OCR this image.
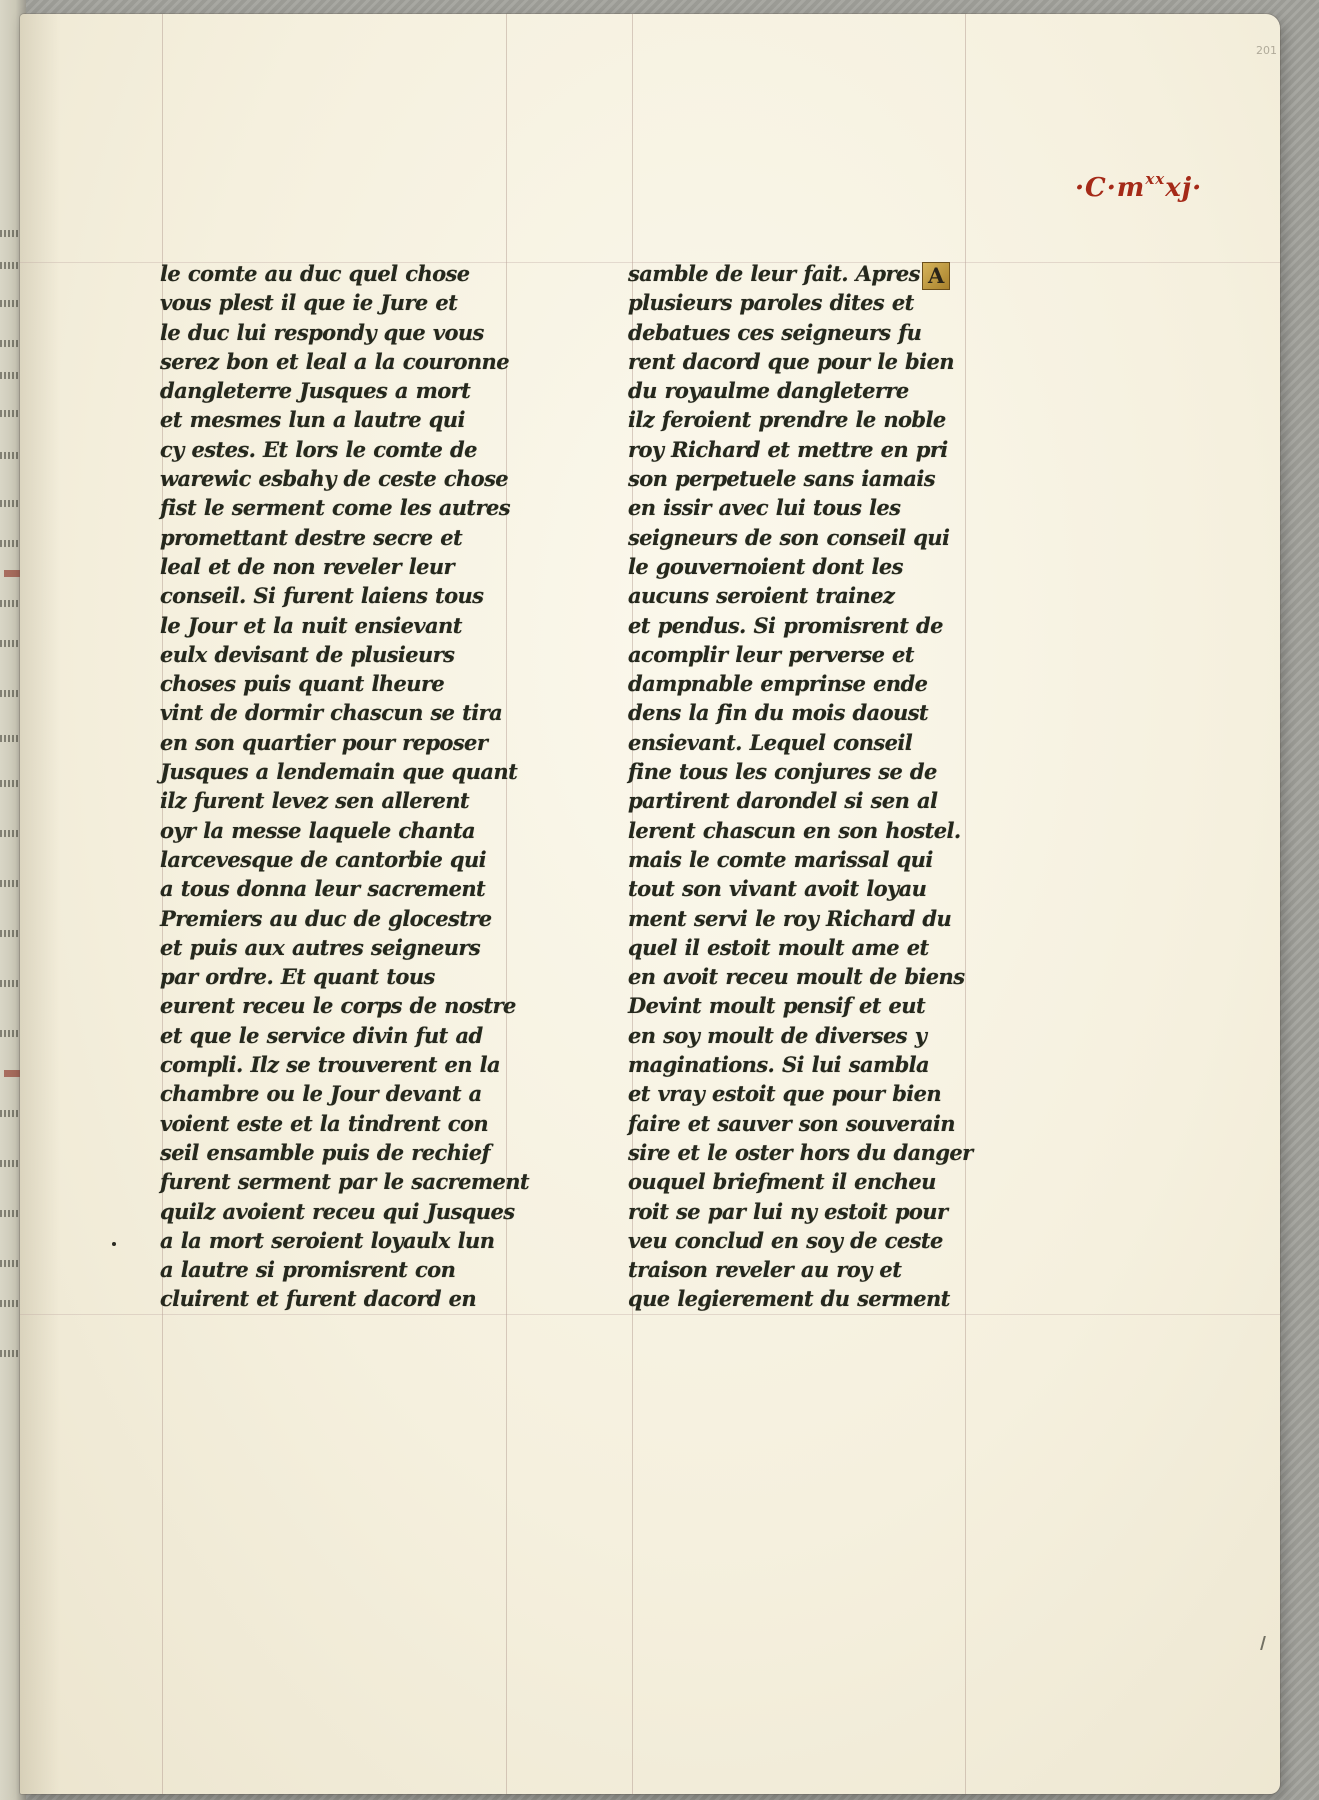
201
$\cdot C\cdot m^{xx}xj\cdot$
le comte au duc quel chose
vous plest il que ie Jure et
le duc lui respondy que vous
serez bon et leal a la couronne
dangleterre Jusques a mort
et mesmes lun a lautre qui
cy estes. Et lors le comte de
warewic esbahy de ceste chose
fist le serment come les autres
promettant destre secre et
leal et de non reveler leur
conseil. Si furent laiens tous
le Jour et la nuit ensievant
eulx devisant de plusieurs
choses puis quant lheure
vint de dormir chascun se tira
en son quartier pour reposer
Jusques a lendemain que quant
ilz furent levez sen allerent
oyr la messe laquele chanta
larcevesque de cantorbie qui
a tous donna leur sacrement
Premiers au duc de glocestre
et puis aux autres seigneurs
par ordre. Et quant tous
eurent receu le corps de nostre
et que le service divin fut ad
compli. Ilz se trouverent en la
chambre ou le Jour devant a
voient este et la tindrent con
seil ensamble puis de rechief
furent serment par le sacrement
quilz avoient receu qui Jusques
a la mort seroient loyaulx lun
a lautre si promisrent con
cluirent et furent dacord en
samble de leur fait. Apres A
plusieurs paroles dites et
debatues ces seigneurs fu
rent dacord que pour le bien
du royaulme dangleterre
ilz feroient prendre le noble
roy Richard et mettre en pri
son perpetuele sans iamais
en issir avec lui tous les
seigneurs de son conseil qui
le gouvernoient dont les
aucuns seroient trainez
et pendus. Si promisrent de
acomplir leur perverse et
dampnable emprinse ende
dens la fin du mois daoust
ensievant. Lequel conseil
fine tous les conjures se de
partirent darondel si sen al
lerent chascun en son hostel.
mais le comte marissal qui
tout son vivant avoit loyau
ment servi le roy Richard du
quel il estoit moult ame et
en avoit receu moult de biens
Devint moult pensif et eut
en soy moult de diverses y
maginations. Si lui sambla
et vray estoit que pour bien
faire et sauver son souverain
sire et le oster hors du danger
ouquel briefment il encheu
roit se par lui ny estoit pour
veu conclud en soy de ceste
traison reveler au roy et
que legierement du serment
